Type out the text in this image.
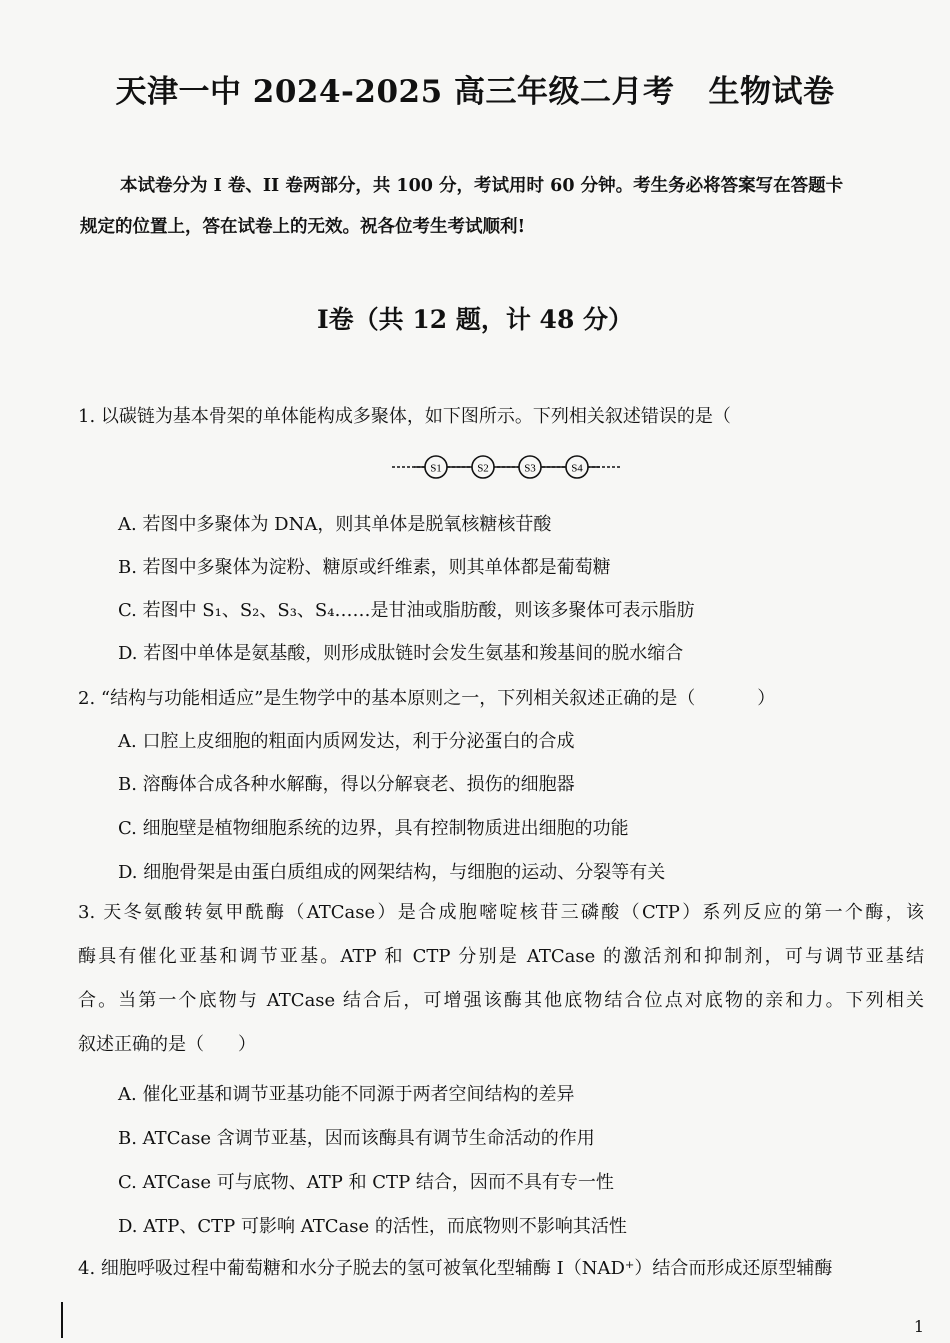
天津一中 2024-2025 高三年级二月考 生物试卷
本试卷分为 I 卷、II 卷两部分，共 100 分，考试用时 60 分钟。考生务必将答案写在答题卡
规定的位置上，答在试卷上的无效。祝各位考生考试顺利!
I卷（共 12 题，计 48 分）
1. 以碳链为基本骨架的单体能构成多聚体，如下图所示。下列相关叙述错误的是（
S1	S2	S3	S4
A. 若图中多聚体为 DNA，则其单体是脱氧核糖核苷酸
B. 若图中多聚体为淀粉、糖原或纤维素，则其单体都是葡萄糖
C. 若图中 S₁、S₂、S₃、S₄……是甘油或脂肪酸，则该多聚体可表示脂肪
D. 若图中单体是氨基酸，则形成肽链时会发生氨基和羧基间的脱水缩合
2. “结构与功能相适应”是生物学中的基本原则之一，下列相关叙述正确的是（	）
A. 口腔上皮细胞的粗面内质网发达，利于分泌蛋白的合成
B. 溶酶体合成各种水解酶，得以分解衰老、损伤的细胞器
C. 细胞壁是植物细胞系统的边界，具有控制物质进出细胞的功能
D. 细胞骨架是由蛋白质组成的网架结构，与细胞的运动、分裂等有关
3. 天冬氨酸转氨甲酰酶（ATCase）是合成胞嘧啶核苷三磷酸（CTP）系列反应的第一个酶，该
酶具有催化亚基和调节亚基。ATP 和 CTP 分别是 ATCase 的激活剂和抑制剂，可与调节亚基结
合。当第一个底物与 ATCase 结合后，可增强该酶其他底物结合位点对底物的亲和力。下列相关
叙述正确的是（ ）
A. 催化亚基和调节亚基功能不同源于两者空间结构的差异
B. ATCase 含调节亚基，因而该酶具有调节生命活动的作用
C. ATCase 可与底物、ATP 和 CTP 结合，因而不具有专一性
D. ATP、CTP 可影响 ATCase 的活性，而底物则不影响其活性
4. 细胞呼吸过程中葡萄糖和水分子脱去的氢可被氧化型辅酶 I（NAD⁺）结合而形成还原型辅酶
1
